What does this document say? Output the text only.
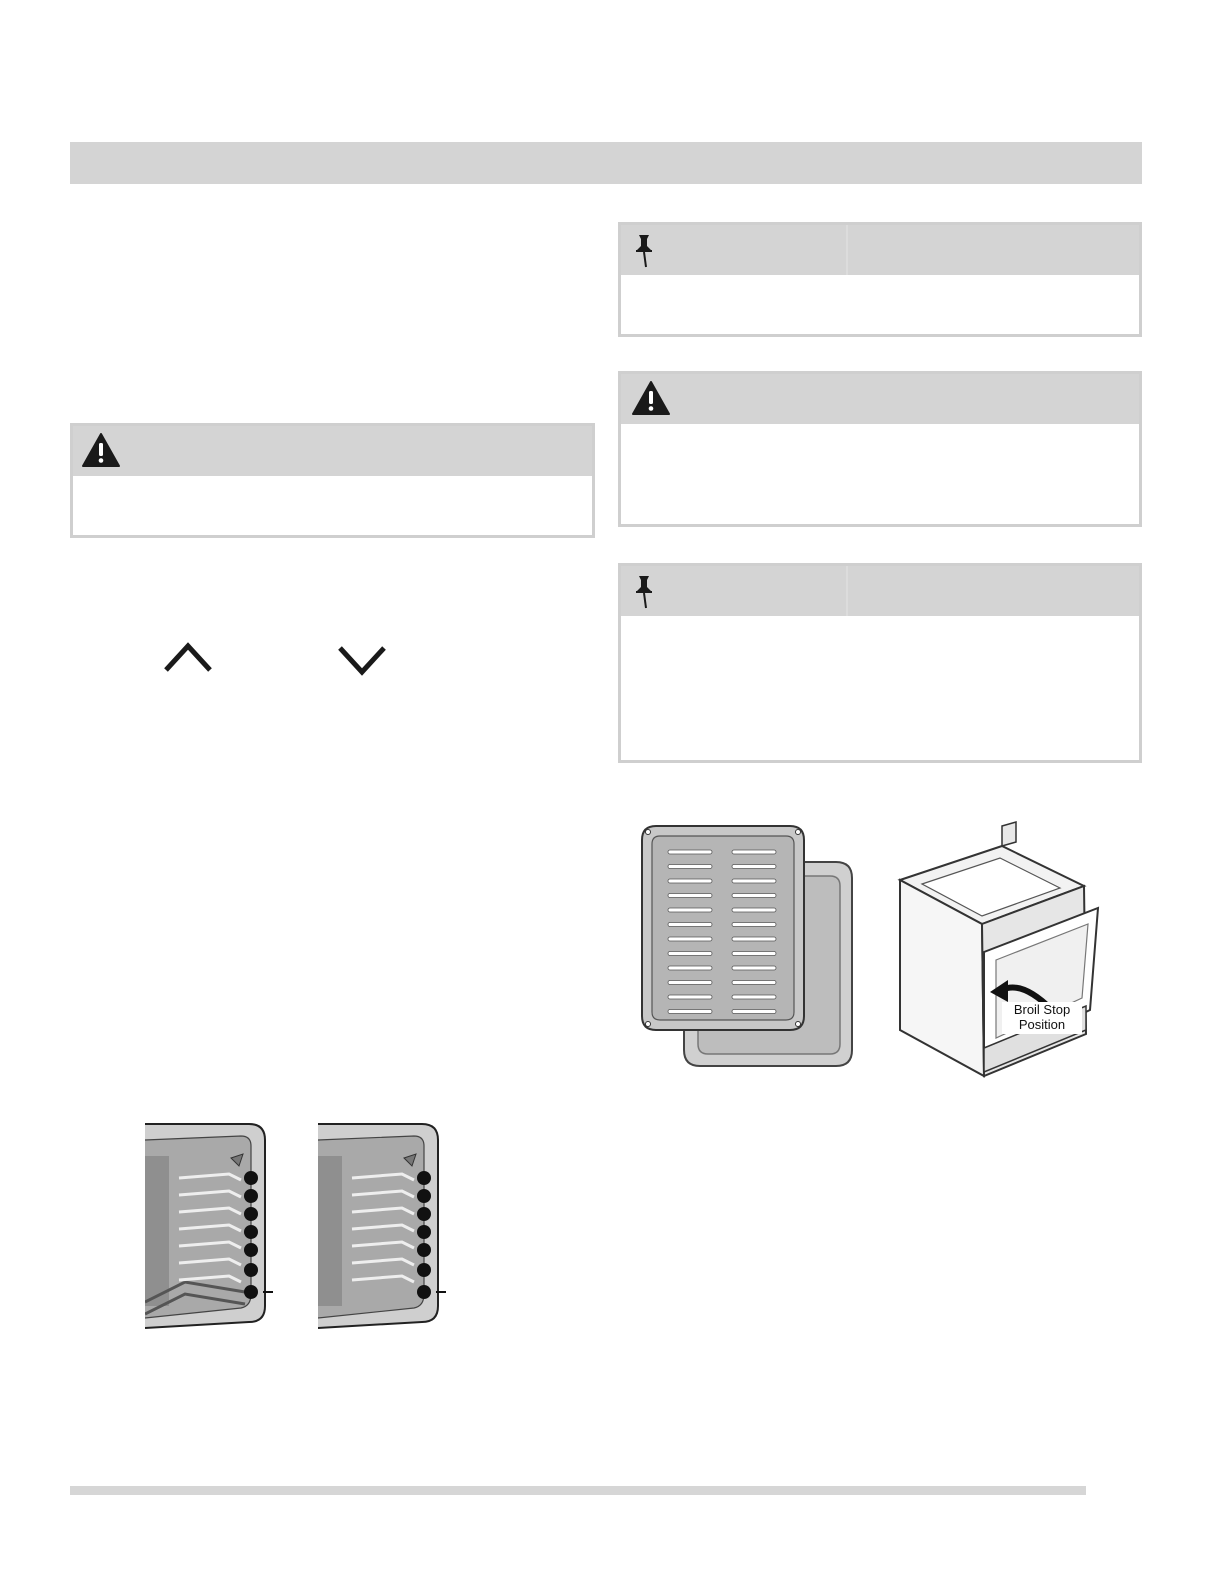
Broil Stop
Position
